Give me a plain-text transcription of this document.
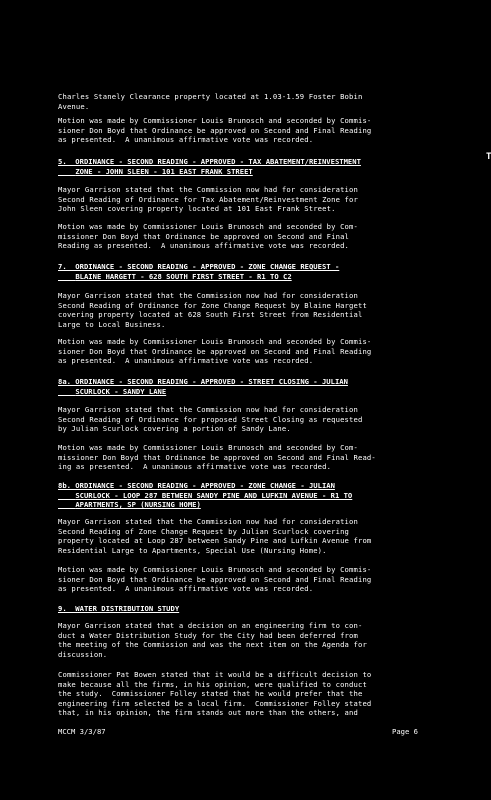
Charles Stanely Clearance property located at 1.03-1.59 Foster Bobin
Avenue.
Motion was made by Commissioner Louis Brunosch and seconded by Commis-
sioner Don Boyd that Ordinance be approved on Second and Final Reading
as presented.  A unanimous affirmative vote was recorded.
5.  ORDINANCE - SECOND READING - APPROVED - TAX ABATEMENT/REINVESTMENT
ZONE - JOHN SLEEN - 101 EAST FRANK STREET
T
Mayor Garrison stated that the Commission now had for consideration
Second Reading of Ordinance for Tax Abatement/Reinvestment Zone for
John Sleen covering property located at 101 East Frank Street.
Motion was made by Commissioner Louis Brunosch and seconded by Com-
missioner Don Boyd that Ordinance be approved on Second and Final
Reading as presented.  A unanimous affirmative vote was recorded.
7.  ORDINANCE - SECOND READING - APPROVED - ZONE CHANGE REQUEST -
BLAINE HARGETT - 628 SOUTH FIRST STREET - R1 TO C2
Mayor Garrison stated that the Commission now had for consideration
Second Reading of Ordinance for Zone Change Request by Blaine Hargett
covering property located at 628 South First Street from Residential
Large to Local Business.
Motion was made by Commissioner Louis Brunosch and seconded by Commis-
sioner Don Boyd that Ordinance be approved on Second and Final Reading
as presented.  A unanimous affirmative vote was recorded.
8a. ORDINANCE - SECOND READING - APPROVED - STREET CLOSING - JULIAN
SCURLOCK - SANDY LANE
Mayor Garrison stated that the Commission now had for consideration
Second Reading of Ordinance for proposed Street Closing as requested
by Julian Scurlock covering a portion of Sandy Lane.
Motion was made by Commissioner Louis Brunosch and seconded by Com-
missioner Don Boyd that Ordinance be approved on Second and Final Read-
ing as presented.  A unanimous affirmative vote was recorded.
8b. ORDINANCE - SECOND READING - APPROVED - ZONE CHANGE - JULIAN
SCURLOCK - LOOP 287 BETWEEN SANDY PINE AND LUFKIN AVENUE - R1 TO
APARTMENTS, SP (NURSING HOME)
Mayor Garrison stated that the Commission now had for consideration
Second Reading of Zone Change Request by Julian Scurlock covering
property located at Loop 287 between Sandy Pine and Lufkin Avenue from
Residential Large to Apartments, Special Use (Nursing Home).
Motion was made by Commissioner Louis Brunosch and seconded by Commis-
sioner Don Boyd that Ordinance be approved on Second and Final Reading
as presented.  A unanimous affirmative vote was recorded.
9.  WATER DISTRIBUTION STUDY
Mayor Garrison stated that a decision on an engineering firm to con-
duct a Water Distribution Study for the City had been deferred from
the meeting of the Commission and was the next item on the Agenda for
discussion.
Commissioner Pat Bowen stated that it would be a difficult decision to
make because all the firms, in his opinion, were qualified to conduct
the study.  Commissioner Folley stated that he would prefer that the
engineering firm selected be a local firm.  Commissioner Folley stated
that, in his opinion, the firm stands out more than the others, and
MCCM 3/3/87	Page 6
